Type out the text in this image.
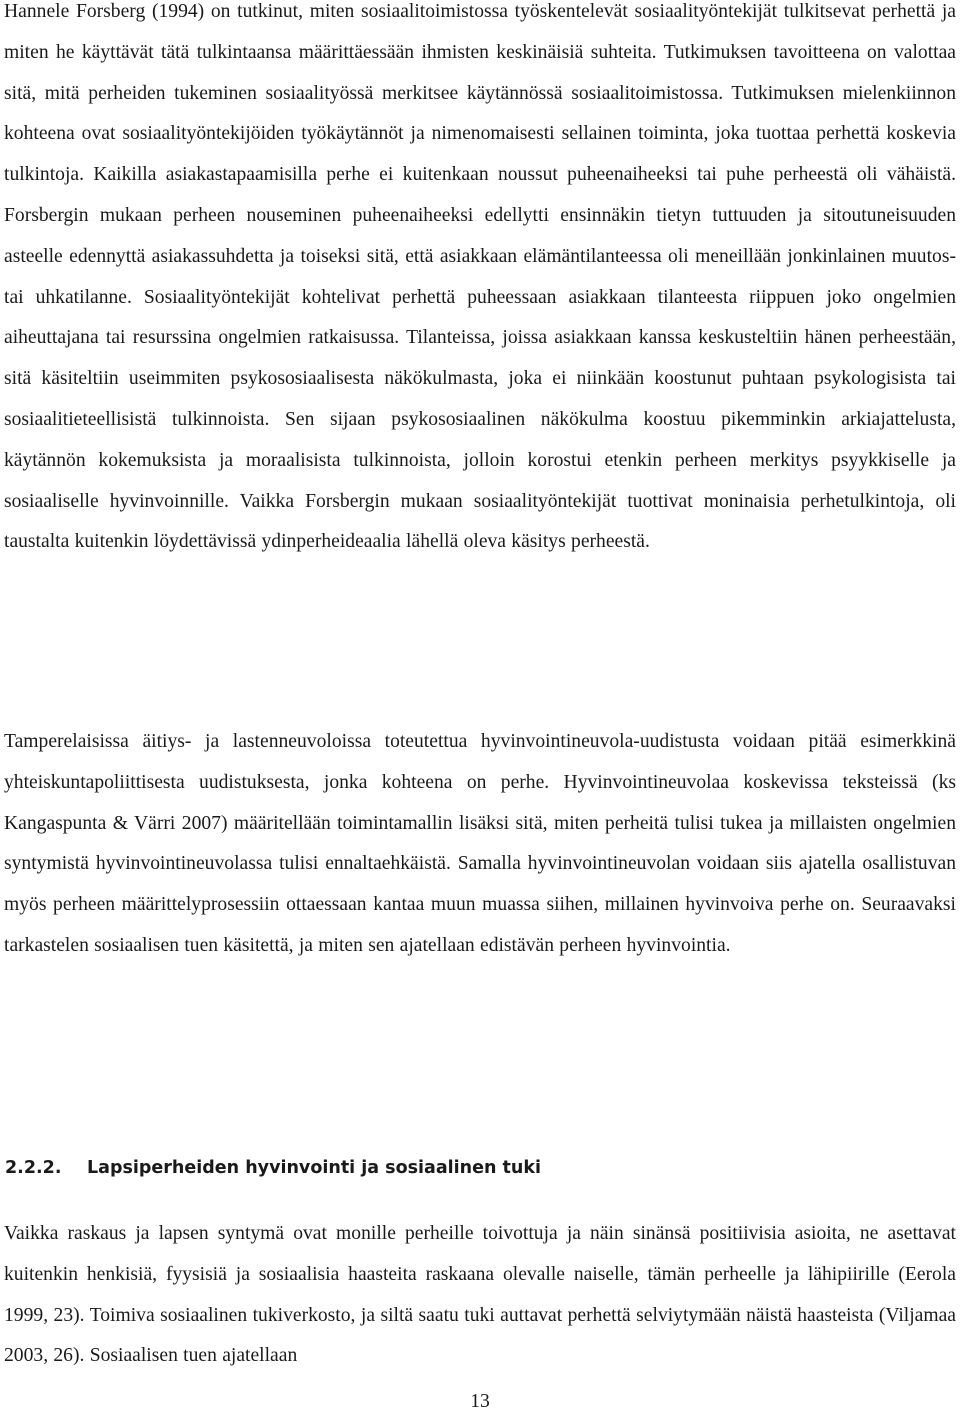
Hannele Forsberg (1994) on tutkinut, miten sosiaalitoimistossa työskentelevät sosiaalityöntekijät tulkitsevat perhettä ja miten he käyttävät tätä tulkintaansa määrittäessään ihmisten keskinäisiä suhteita. Tutkimuksen tavoitteena on valottaa sitä, mitä perheiden tukeminen sosiaalityössä merkitsee käytännössä sosiaalitoimistossa. Tutkimuksen mielenkiinnon kohteena ovat sosiaalityöntekijöiden työkäytännöt ja nimenomaisesti sellainen toiminta, joka tuottaa perhettä koskevia tulkintoja. Kaikilla asiakastapaamisilla perhe ei kuitenkaan noussut puheenaiheeksi tai puhe perheestä oli vähäistä. Forsbergin mukaan perheen nouseminen puheenaiheeksi edellytti ensinnäkin tietyn tuttuuden ja sitoutuneisuuden asteelle edennyttä asiakassuhdetta ja toiseksi sitä, että asiakkaan elämäntilanteessa oli meneillään jonkinlainen muutos- tai uhkatilanne. Sosiaalityöntekijät kohtelivat perhettä puheessaan asiakkaan tilanteesta riippuen joko ongelmien aiheuttajana tai resurssina ongelmien ratkaisussa. Tilanteissa, joissa asiakkaan kanssa keskusteltiin hänen perheestään, sitä käsiteltiin useimmiten psykososiaalisesta näkökulmasta, joka ei niinkään koostunut puhtaan psykologisista tai sosiaalitieteellisistä tulkinnoista. Sen sijaan psykososiaalinen näkökulma koostuu pikemminkin arkiajattelusta, käytännön kokemuksista ja moraalisista tulkinnoista, jolloin korostui etenkin perheen merkitys psyykkiselle ja sosiaaliselle hyvinvoinnille. Vaikka Forsbergin mukaan sosiaalityöntekijät tuottivat moninaisia perhetulkintoja, oli taustalta kuitenkin löydettävissä ydinperheideaalia lähellä oleva käsitys perheestä.

Tamperelaisissa äitiys- ja lastenneuvoloissa toteutettua hyvinvointineuvola-uudistusta voidaan pitää esimerkkinä yhteiskuntapoliittisesta uudistuksesta, jonka kohteena on perhe. Hyvinvointineuvolaa koskevissa teksteissä (ks Kangaspunta & Värri 2007) määritellään toimintamallin lisäksi sitä, miten perheitä tulisi tukea ja millaisten ongelmien syntymistä hyvinvointineuvolassa tulisi ennaltaehkäistä. Samalla hyvinvointineuvolan voidaan siis ajatella osallistuvan myös perheen määrittelyprosessiin ottaessaan kantaa muun muassa siihen, millainen hyvinvoiva perhe on. Seuraavaksi tarkastelen sosiaalisen tuen käsitettä, ja miten sen ajatellaan edistävän perheen hyvinvointia.

2.2.2. Lapsiperheiden hyvinvointi ja sosiaalinen tuki

Vaikka raskaus ja lapsen syntymä ovat monille perheille toivottuja ja näin sinänsä positiivisia asioita, ne asettavat kuitenkin henkisiä, fyysisiä ja sosiaalisia haasteita raskaana olevalle naiselle, tämän perheelle ja lähipiirille (Eerola 1999, 23). Toimiva sosiaalinen tukiverkosto, ja siltä saatu tuki auttavat perhettä selviytymään näistä haasteista (Viljamaa 2003, 26). Sosiaalisen tuen ajatellaan

13
